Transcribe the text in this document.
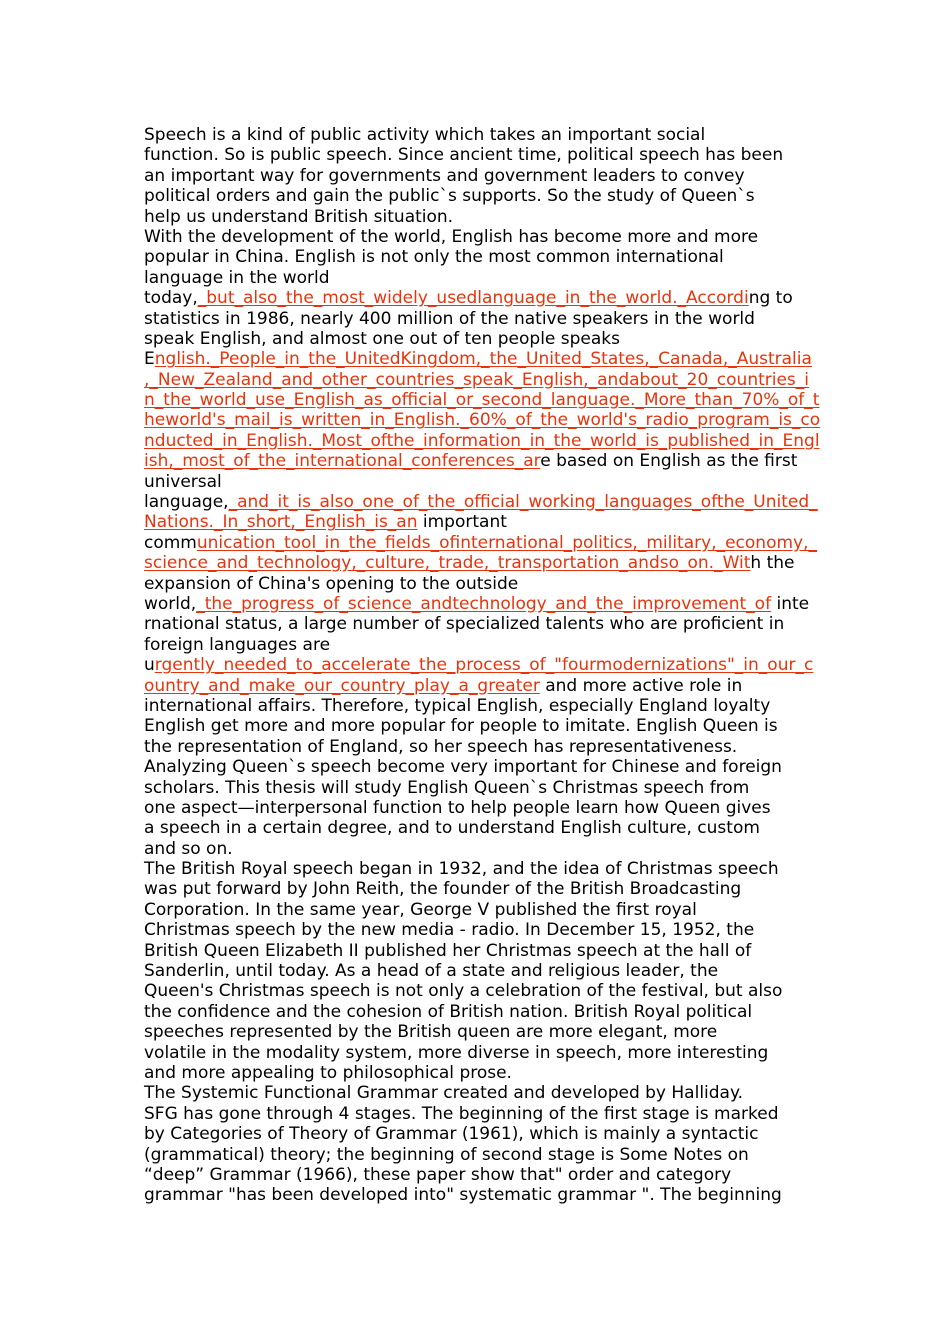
Speech is a kind of public activity which takes an important social
function. So is public speech. Since ancient time, political speech has been
an important way for governments and government leaders to convey
political orders and gain the public`s supports. So the study of Queen`s
help us understand British situation.
With the development of the world, English has become more and more
popular in China. English is not only the most common international
language in the world
today,_but_also_the_most_widely_usedlanguage_in_the_world._According to
statistics in 1986, nearly 400 million of the native speakers in the world
speak English, and almost one out of ten people speaks
English._People_in_the_UnitedKingdom,_the_United_States,_Canada,_Australia
,_New_Zealand_and_other_countries_speak_English,_andabout_20_countries_i
n_the_world_use_English_as_official_or_second_language._More_than_70%_of_t
heworld's_mail_is_written_in_English._60%_of_the_world's_radio_program_is_co
nducted_in_English._Most_ofthe_information_in_the_world_is_published_in_Engl
ish,_most_of_the_international_conferences_are based on English as the first
universal
language,_and_it_is_also_one_of_the_official_working_languages_ofthe_United_
Nations._In_short,_English_is_an important
communication_tool_in_the_fields_ofinternational_politics,_military,_economy,_
science_and_technology,_culture,_trade,_transportation_andso_on._With the
expansion of China's opening to the outside
world,_the_progress_of_science_andtechnology_and_the_improvement_of inte
rnational status, a large number of specialized talents who are proficient in
foreign languages are
urgently_needed_to_accelerate_the_process_of_"fourmodernizations"_in_our_c
ountry_and_make_our_country_play_a_greater and more active role in
international affairs. Therefore, typical English, especially England loyalty
English get more and more popular for people to imitate. English Queen is
the representation of England, so her speech has representativeness.
Analyzing Queen`s speech become very important for Chinese and foreign
scholars. This thesis will study English Queen`s Christmas speech from
one aspect—interpersonal function to help people learn how Queen gives
a speech in a certain degree, and to understand English culture, custom
and so on.
The British Royal speech began in 1932, and the idea of Christmas speech
was put forward by John Reith, the founder of the British Broadcasting
Corporation. In the same year, George V published the first royal
Christmas speech by the new media - radio. In December 15, 1952, the
British Queen Elizabeth II published her Christmas speech at the hall of
Sanderlin, until today. As a head of a state and religious leader, the
Queen's Christmas speech is not only a celebration of the festival, but also
the confidence and the cohesion of British nation. British Royal political
speeches represented by the British queen are more elegant, more
volatile in the modality system, more diverse in speech, more interesting
and more appealing to philosophical prose.
The Systemic Functional Grammar created and developed by Halliday.
SFG has gone through 4 stages. The beginning of the first stage is marked
by Categories of Theory of Grammar (1961), which is mainly a syntactic
(grammatical) theory; the beginning of second stage is Some Notes on
“deep” Grammar (1966), these paper show that" order and category
grammar "has been developed into" systematic grammar ". The beginning
